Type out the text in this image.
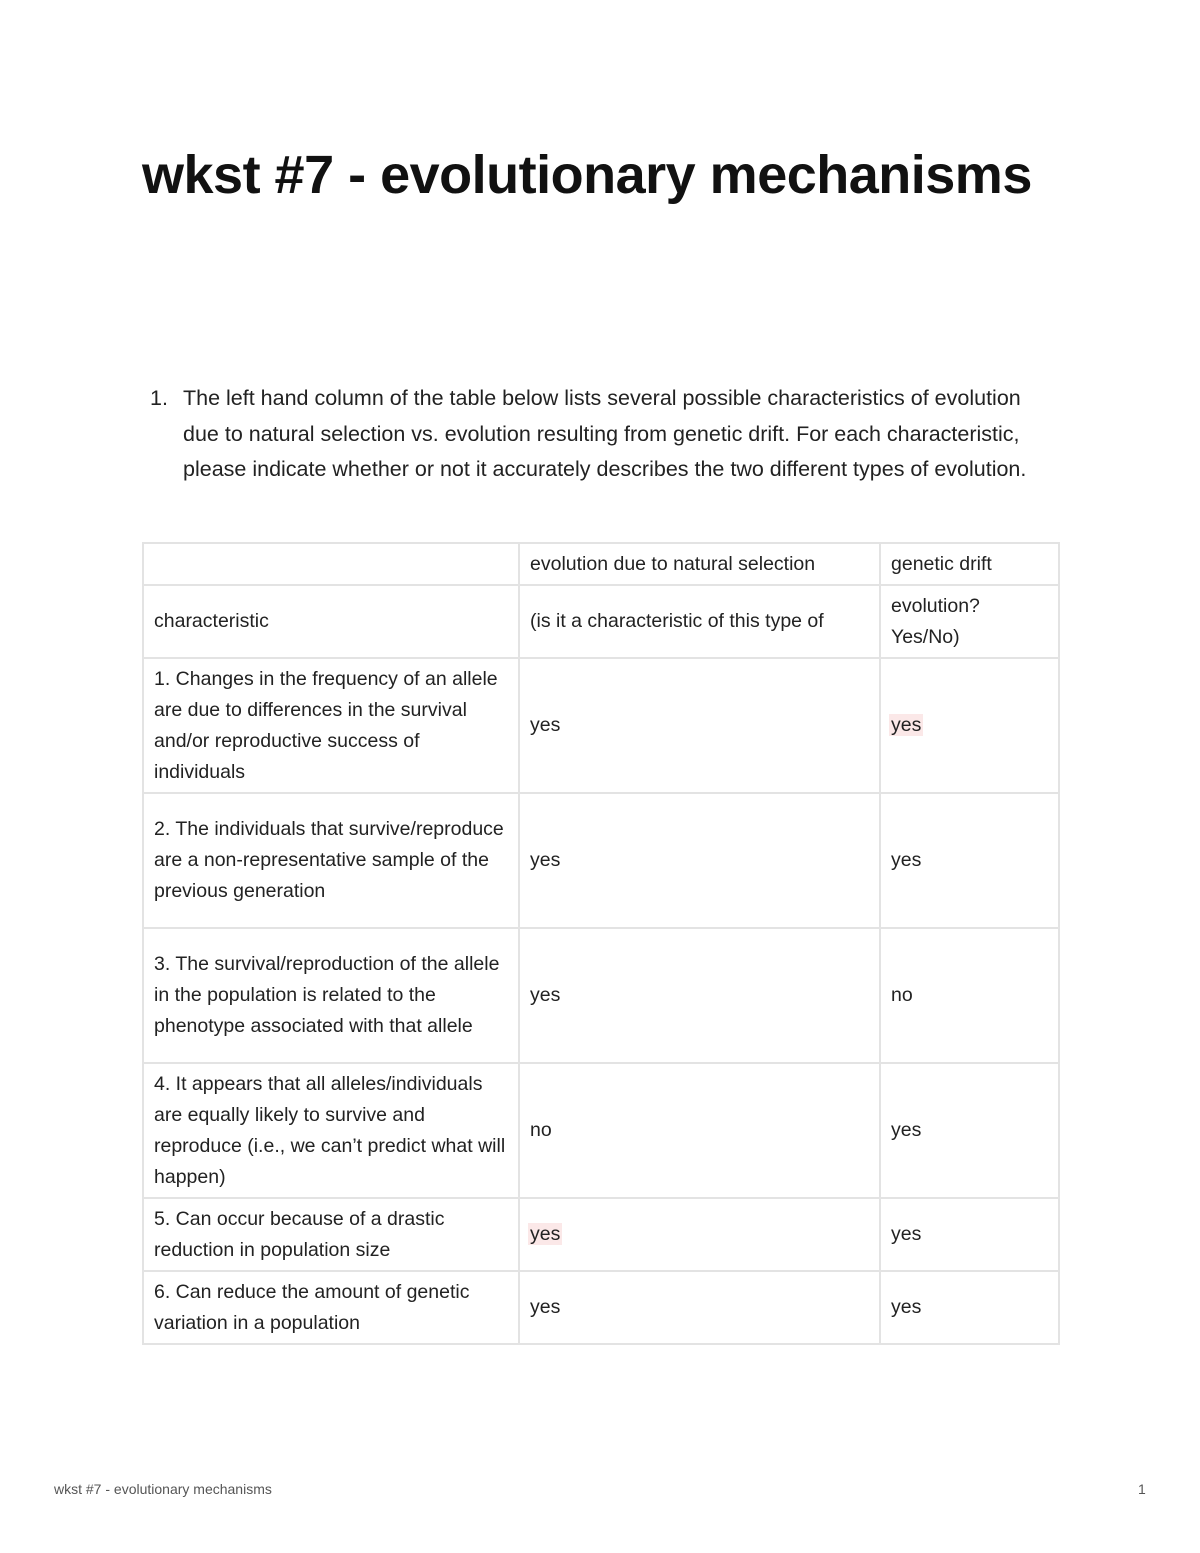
wkst #7 - evolutionary mechanisms
1. The left hand column of the table below lists several possible characteristics of evolution due to natural selection vs. evolution resulting from genetic drift. For each characteristic, please indicate whether or not it accurately describes the two different types of evolution.
	evolution due to natural selection	genetic drift
characteristic	(is it a characteristic of this type of	evolution? Yes/No)
1. Changes in the frequency of an allele are due to differences in the survival and/or reproductive success of individuals	yes	yes
2. The individuals that survive/reproduce are a non-representative sample of the previous generation	yes	yes
3. The survival/reproduction of the allele in the population is related to the phenotype associated with that allele	yes	no
4. It appears that all alleles/individuals are equally likely to survive and reproduce (i.e., we can’t predict what will happen)	no	yes
5. Can occur because of a drastic reduction in population size	yes	yes
6. Can reduce the amount of genetic variation in a population	yes	yes
wkst #7 - evolutionary mechanisms	1
